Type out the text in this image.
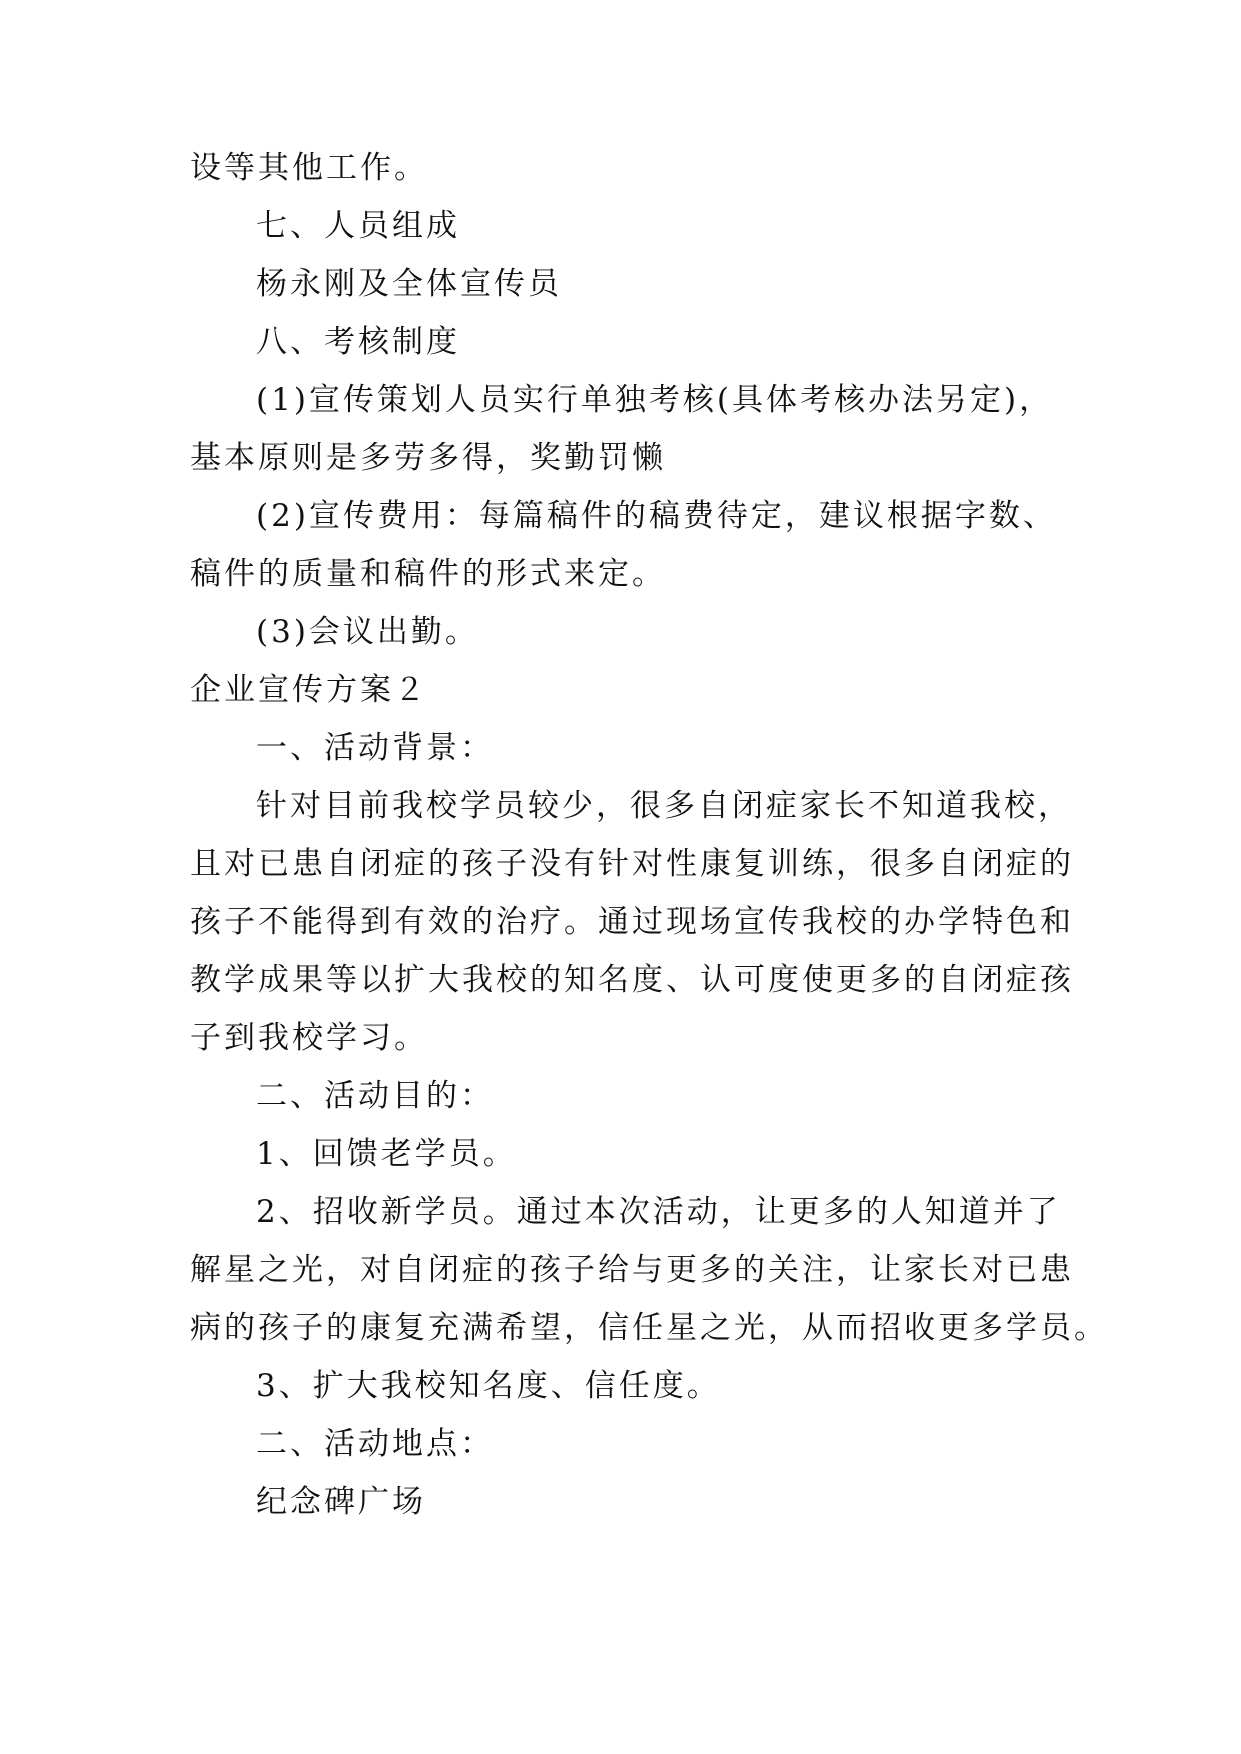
设等其他工作。
七、人员组成
杨永刚及全体宣传员
八、考核制度
(1)宣传策划人员实行单独考核(具体考核办法另定)，
基本原则是多劳多得，奖勤罚懒
(2)宣传费用：每篇稿件的稿费待定，建议根据字数、
稿件的质量和稿件的形式来定。
(3)会议出勤。
企业宣传方案２
一、活动背景：
针对目前我校学员较少，很多自闭症家长不知道我校，
且对已患自闭症的孩子没有针对性康复训练，很多自闭症的
孩子不能得到有效的治疗。通过现场宣传我校的办学特色和
教学成果等以扩大我校的知名度、认可度使更多的自闭症孩
子到我校学习。
二、活动目的：
1、回馈老学员。
2、招收新学员。通过本次活动，让更多的人知道并了
解星之光，对自闭症的孩子给与更多的关注，让家长对已患
病的孩子的康复充满希望，信任星之光，从而招收更多学员。
3、扩大我校知名度、信任度。
二、活动地点：
纪念碑广场
